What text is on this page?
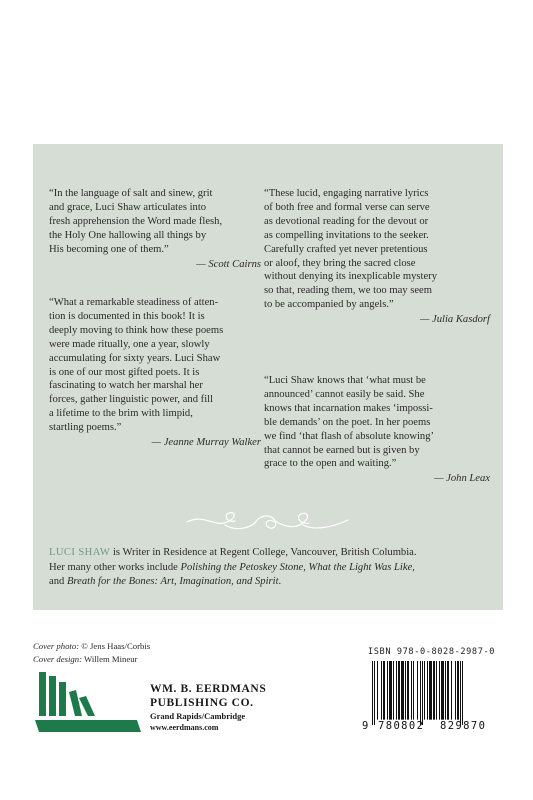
“In the language of salt and sinew, grit

and grace, Luci Shaw articulates into

fresh apprehension the Word made flesh,

the Holy One hallowing all things by

His becoming one of them.”

— Scott Cairns

“What a remarkable steadiness of atten-

tion is documented in this book! It is

deeply moving to think how these poems

were made ritually, one a year, slowly

accumulating for sixty years. Luci Shaw

is one of our most gifted poets. It is

fascinating to watch her marshal her

forces, gather linguistic power, and fill

a lifetime to the brim with limpid,

startling poems.”

— Jeanne Murray Walker

“These lucid, engaging narrative lyrics

of both free and formal verse can serve

as devotional reading for the devout or

as compelling invitations to the seeker.

Carefully crafted yet never pretentious

or aloof, they bring the sacred close

without denying its inexplicable mystery

so that, reading them, we too may seem

to be accompanied by angels.”

— Julia Kasdorf

“Luci Shaw knows that ‘what must be

announced’ cannot easily be said. She

knows that incarnation makes ‘impossi-

ble demands’ on the poet. In her poems

we find ‘that flash of absolute knowing’

that cannot be earned but is given by

grace to the open and waiting.”

— John Leax

LUCI SHAW is Writer in Residence at Regent College, Vancouver, British Columbia.

Her many other works include Polishing the Petoskey Stone, What the Light Was Like,

and Breath for the Bones: Art, Imagination, and Spirit.

Cover photo: © Jens Haas/Corbis

Cover design: Willem Mineur

WM. B. EERDMANS
PUBLISHING CO.
Grand Rapids/Cambridge
www.eerdmans.com
ISBN 978-0-8028-2987-0
9 780802 829870
